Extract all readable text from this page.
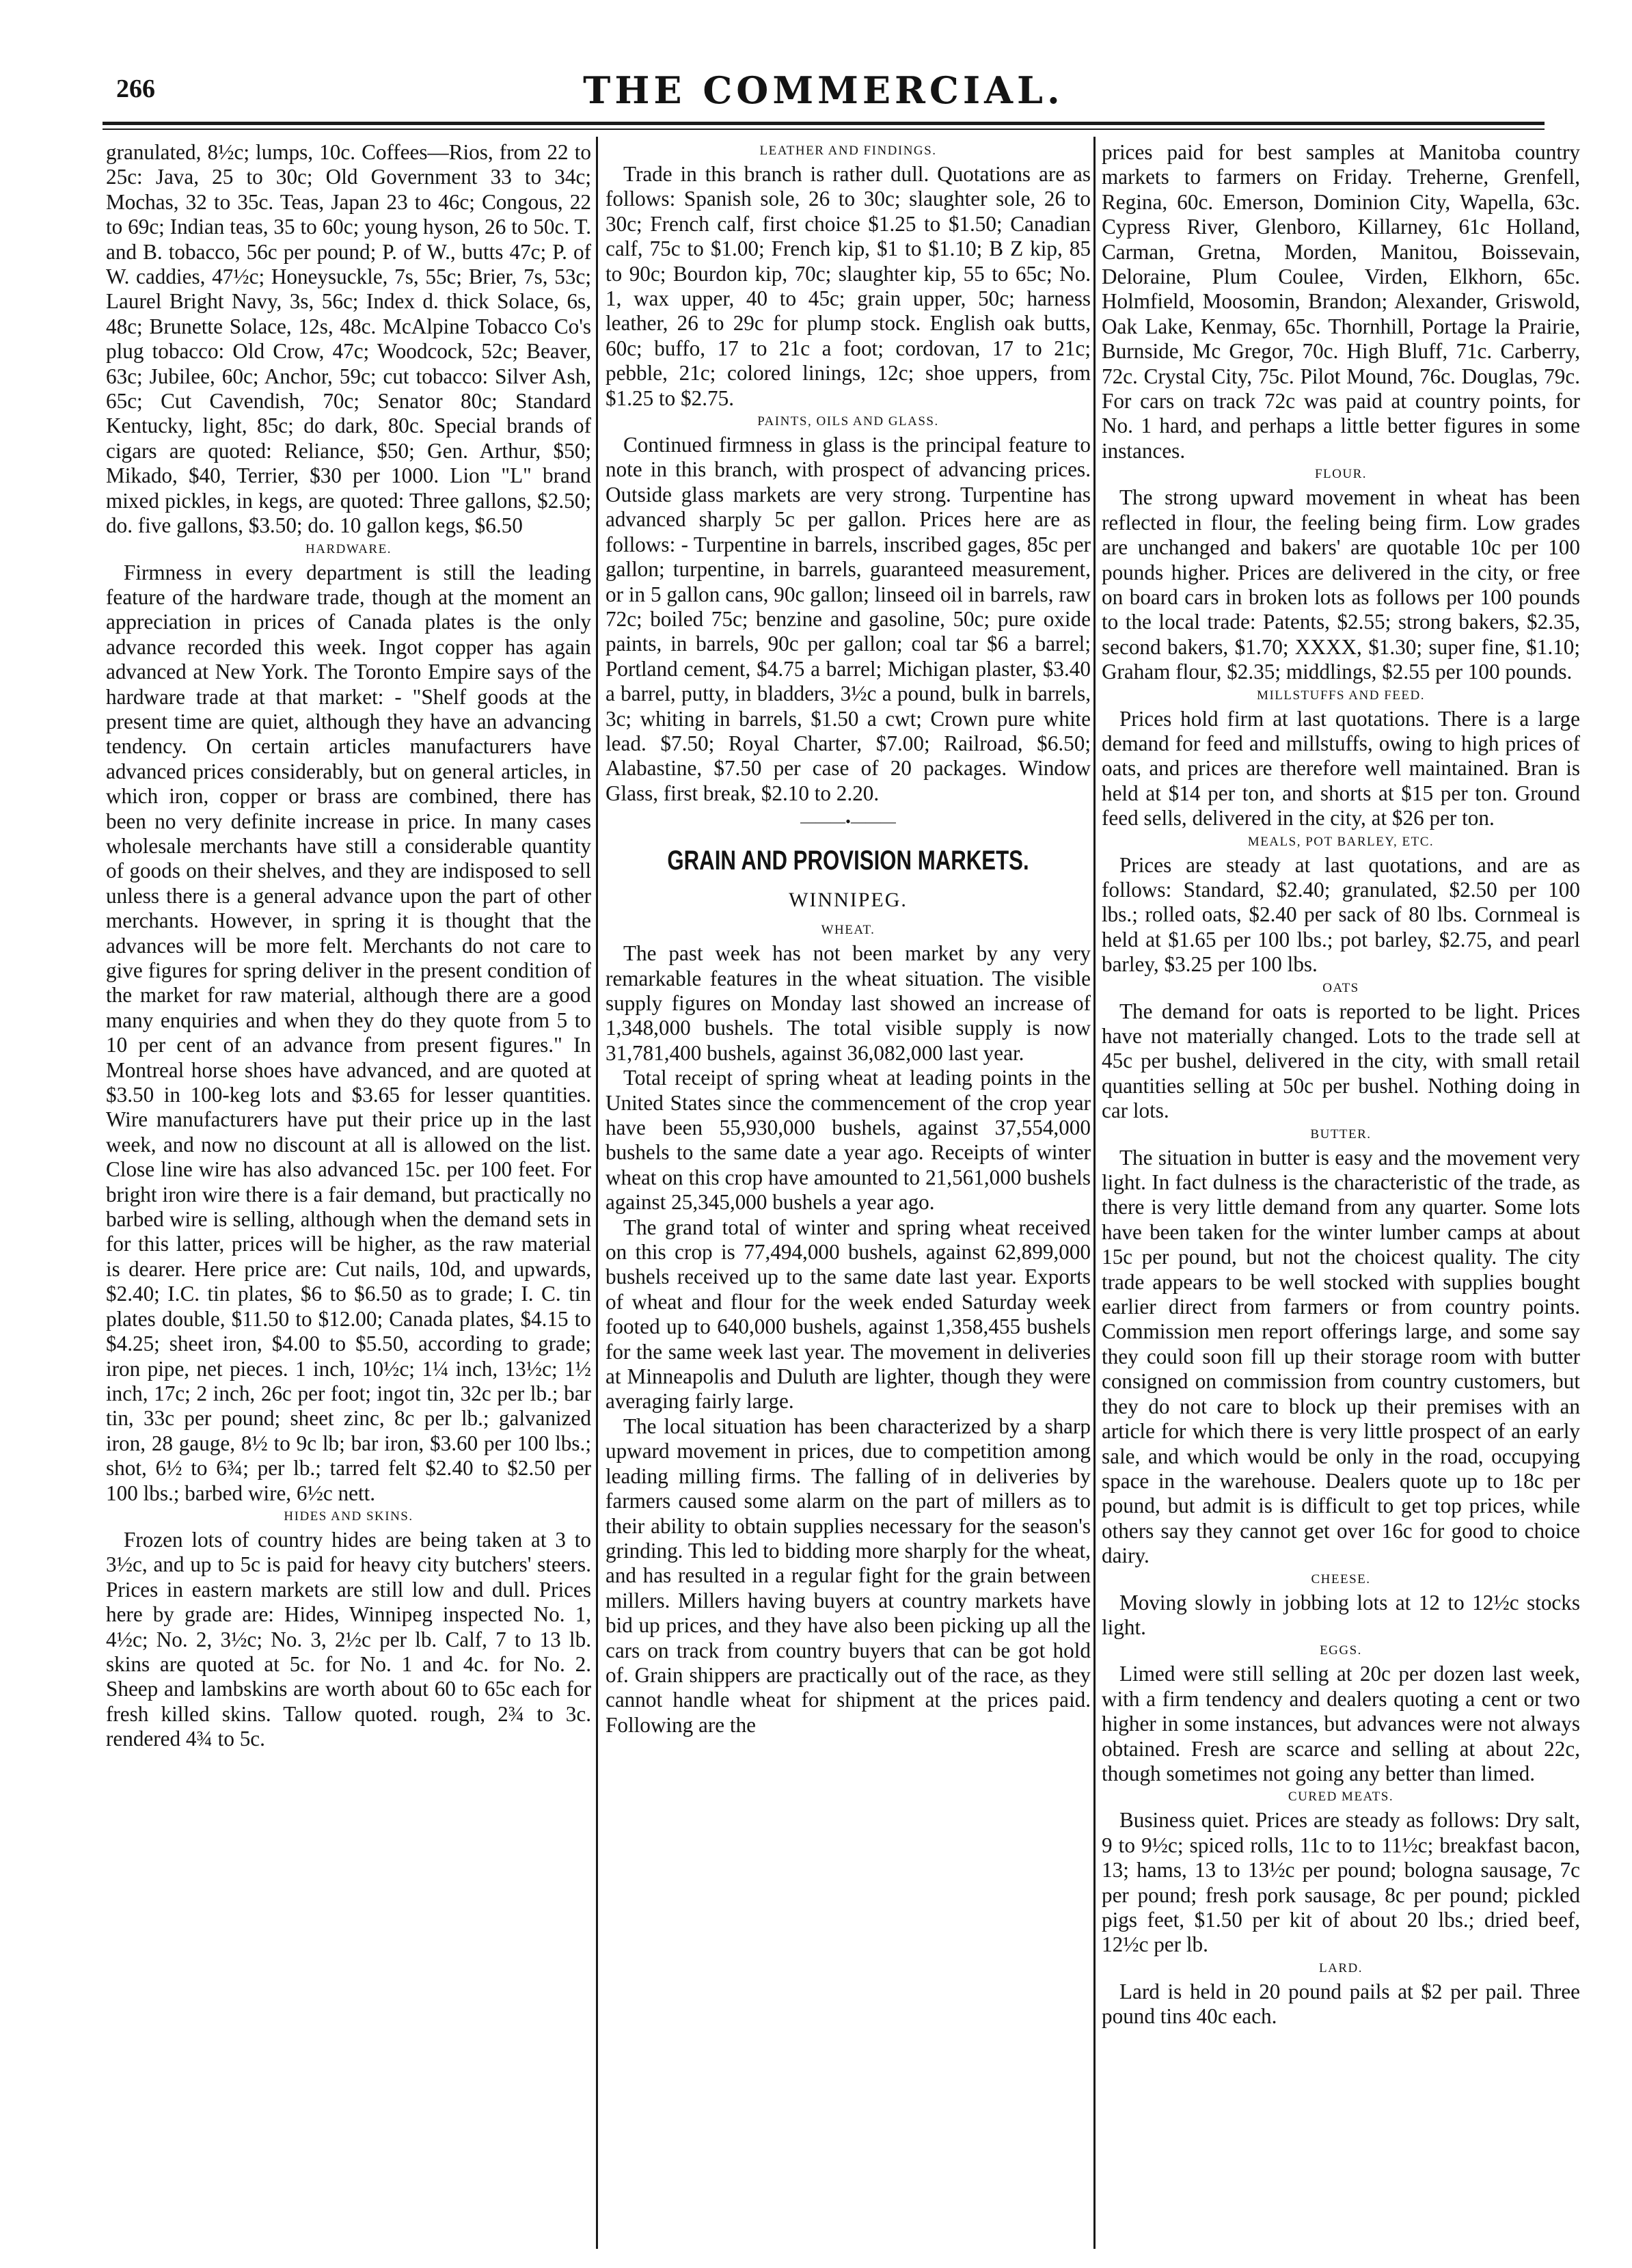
266	THE COMMERCIAL.

granulated, 8½c; lumps, 10c. Coffees—Rios, from 22 to 25c: Java, 25 to 30c; Old Government 33 to 34c; Mochas, 32 to 35c. Teas, Japan 23 to 46c; Congous, 22 to 69c; Indian teas, 35 to 60c; young hyson, 26 to 50c. T. and B. tobacco, 56c per pound; P. of W., butts 47c; P. of W. caddies, 47½c; Honeysuckle, 7s, 55c; Brier, 7s, 53c; Laurel Bright Navy, 3s, 56c; Index d. thick Solace, 6s, 48c; Brunette Solace, 12s, 48c. McAlpine Tobacco Co's plug tobacco: Old Crow, 47c; Woodcock, 52c; Beaver, 63c; Jubilee, 60c; Anchor, 59c; cut tobacco: Silver Ash, 65c; Cut Cavendish, 70c; Senator 80c; Standard Kentucky, light, 85c; do dark, 80c. Special brands of cigars are quoted: Reliance, $50; Gen. Arthur, $50; Mikado, $40, Terrier, $30 per 1000. Lion "L" brand mixed pickles, in kegs, are quoted: Three gallons, $2.50; do. five gallons, $3.50; do. 10 gallon kegs, $6.50

HARDWARE.

Firmness in every department is still the leading feature of the hardware trade, though at the moment an appreciation in prices of Canada plates is the only advance recorded this week. Ingot copper has again advanced at New York. The Toronto Empire says of the hardware trade at that market: - "Shelf goods at the present time are quiet, although they have an advancing tendency. On certain articles manufacturers have advanced prices considerably, but on general articles, in which iron, copper or brass are combined, there has been no very definite increase in price. In many cases wholesale merchants have still a considerable quantity of goods on their shelves, and they are indisposed to sell unless there is a general advance upon the part of other merchants. However, in spring it is thought that the advances will be more felt. Merchants do not care to give figures for spring deliver in the present condition of the market for raw material, although there are a good many enquiries and when they do they quote from 5 to 10 per cent of an advance from present figures." In Montreal horse shoes have advanced, and are quoted at $3.50 in 100-keg lots and $3.65 for lesser quantities. Wire manufacturers have put their price up in the last week, and now no discount at all is allowed on the list. Close line wire has also advanced 15c. per 100 feet. For bright iron wire there is a fair demand, but practically no barbed wire is selling, although when the demand sets in for this latter, prices will be higher, as the raw material is dearer. Here price are: Cut nails, 10d, and upwards, $2.40; I.C. tin plates, $6 to $6.50 as to grade; I. C. tin plates double, $11.50 to $12.00; Canada plates, $4.15 to $4.25; sheet iron, $4.00 to $5.50, according to grade; iron pipe, net pieces. 1 inch, 10½c; 1¼ inch, 13½c; 1½ inch, 17c; 2 inch, 26c per foot; ingot tin, 32c per lb.; bar tin, 33c per pound; sheet zinc, 8c per lb.; galvanized iron, 28 gauge, 8½ to 9c lb; bar iron, $3.60 per 100 lbs.; shot, 6½ to 6¾; per lb.; tarred felt $2.40 to $2.50 per 100 lbs.; barbed wire, 6½c nett.

HIDES AND SKINS.

Frozen lots of country hides are being taken at 3 to 3½c, and up to 5c is paid for heavy city butchers' steers. Prices in eastern markets are still low and dull. Prices here by grade are: Hides, Winnipeg inspected No. 1, 4½c; No. 2, 3½c; No. 3, 2½c per lb. Calf, 7 to 13 lb. skins are quoted at 5c. for No. 1 and 4c. for No. 2. Sheep and lambskins are worth about 60 to 65c each for fresh killed skins. Tallow quoted. rough, 2¾ to 3c. rendered 4¾ to 5c.

LEATHER AND FINDINGS.

Trade in this branch is rather dull. Quotations are as follows: Spanish sole, 26 to 30c; slaughter sole, 26 to 30c; French calf, first choice $1.25 to $1.50; Canadian calf, 75c to $1.00; French kip, $1 to $1.10; B Z kip, 85 to 90c; Bourdon kip, 70c; slaughter kip, 55 to 65c; No. 1, wax upper, 40 to 45c; grain upper, 50c; harness leather, 26 to 29c for plump stock. English oak butts, 60c; buffo, 17 to 21c a foot; cordovan, 17 to 21c; pebble, 21c; colored linings, 12c; shoe uppers, from $1.25 to $2.75.

PAINTS, OILS AND GLASS.

Continued firmness in glass is the principal feature to note in this branch, with prospect of advancing prices. Outside glass markets are very strong. Turpentine has advanced sharply 5c per gallon. Prices here are as follows: - Turpentine in barrels, inscribed gages, 85c per gallon; turpentine, in barrels, guaranteed measurement, or in 5 gallon cans, 90c gallon; linseed oil in barrels, raw 72c; boiled 75c; benzine and gasoline, 50c; pure oxide paints, in barrels, 90c per gallon; coal tar $6 a barrel; Portland cement, $4.75 a barrel; Michigan plaster, $3.40 a barrel, putty, in bladders, 3½c a pound, bulk in barrels, 3c; whiting in barrels, $1.50 a cwt; Crown pure white lead. $7.50; Royal Charter, $7.00; Railroad, $6.50; Alabastine, $7.50 per case of 20 packages. Window Glass, first break, $2.10 to 2.20.

———•———
GRAIN AND PROVISION MARKETS.
WINNIPEG.
WHEAT.

The past week has not been market by any very remarkable features in the wheat situation. The visible supply figures on Monday last showed an increase of 1,348,000 bushels. The total visible supply is now 31,781,400 bushels, against 36,082,000 last year.

Total receipt of spring wheat at leading points in the United States since the commencement of the crop year have been 55,930,000 bushels, against 37,554,000 bushels to the same date a year ago. Receipts of winter wheat on this crop have amounted to 21,561,000 bushels against 25,345,000 bushels a year ago.

The grand total of winter and spring wheat received on this crop is 77,494,000 bushels, against 62,899,000 bushels received up to the same date last year. Exports of wheat and flour for the week ended Saturday week footed up to 640,000 bushels, against 1,358,455 bushels for the same week last year. The movement in deliveries at Minneapolis and Duluth are lighter, though they were averaging fairly large.

The local situation has been characterized by a sharp upward movement in prices, due to competition among leading milling firms. The falling of in deliveries by farmers caused some alarm on the part of millers as to their ability to obtain supplies necessary for the season's grinding. This led to bidding more sharply for the wheat, and has resulted in a regular fight for the grain between millers. Millers having buyers at country markets have bid up prices, and they have also been picking up all the cars on track from country buyers that can be got hold of. Grain shippers are practically out of the race, as they cannot handle wheat for shipment at the prices paid. Following are the

prices paid for best samples at Manitoba country markets to farmers on Friday. Treherne, Grenfell, Regina, 60c. Emerson, Dominion City, Wapella, 63c. Cypress River, Glenboro, Killarney, 61c Holland, Carman, Gretna, Morden, Manitou, Boissevain, Deloraine, Plum Coulee, Virden, Elkhorn, 65c. Holmfield, Moosomin, Brandon; Alexander, Griswold, Oak Lake, Kenmay, 65c. Thornhill, Portage la Prairie, Burnside, Mc Gregor, 70c. High Bluff, 71c. Carberry, 72c. Crystal City, 75c. Pilot Mound, 76c. Douglas, 79c. For cars on track 72c was paid at country points, for No. 1 hard, and perhaps a little better figures in some instances.

FLOUR.

The strong upward movement in wheat has been reflected in flour, the feeling being firm. Low grades are unchanged and bakers' are quotable 10c per 100 pounds higher. Prices are delivered in the city, or free on board cars in broken lots as follows per 100 pounds to the local trade: Patents, $2.55; strong bakers, $2.35, second bakers, $1.70; XXXX, $1.30; super fine, $1.10; Graham flour, $2.35; middlings, $2.55 per 100 pounds.

MILLSTUFFS AND FEED.

Prices hold firm at last quotations. There is a large demand for feed and millstuffs, owing to high prices of oats, and prices are therefore well maintained. Bran is held at $14 per ton, and shorts at $15 per ton. Ground feed sells, delivered in the city, at $26 per ton.

MEALS, POT BARLEY, ETC.

Prices are steady at last quotations, and are as follows: Standard, $2.40; granulated, $2.50 per 100 lbs.; rolled oats, $2.40 per sack of 80 lbs. Cornmeal is held at $1.65 per 100 lbs.; pot barley, $2.75, and pearl barley, $3.25 per 100 lbs.

OATS

The demand for oats is reported to be light. Prices have not materially changed. Lots to the trade sell at 45c per bushel, delivered in the city, with small retail quantities selling at 50c per bushel. Nothing doing in car lots.

BUTTER.

The situation in butter is easy and the movement very light. In fact dulness is the characteristic of the trade, as there is very little demand from any quarter. Some lots have been taken for the winter lumber camps at about 15c per pound, but not the choicest quality. The city trade appears to be well stocked with supplies bought earlier direct from farmers or from country points. Commission men report offerings large, and some say they could soon fill up their storage room with butter consigned on commission from country customers, but they do not care to block up their premises with an article for which there is very little prospect of an early sale, and which would be only in the road, occupying space in the warehouse. Dealers quote up to 18c per pound, but admit is is difficult to get top prices, while others say they cannot get over 16c for good to choice dairy.

CHEESE.

Moving slowly in jobbing lots at 12 to 12½c stocks light.

EGGS.

Limed were still selling at 20c per dozen last week, with a firm tendency and dealers quoting a cent or two higher in some instances, but advances were not always obtained. Fresh are scarce and selling at about 22c, though sometimes not going any better than limed.

CURED MEATS.

Business quiet. Prices are steady as follows: Dry salt, 9 to 9½c; spiced rolls, 11c to to 11½c; breakfast bacon, 13; hams, 13 to 13½c per pound; bologna sausage, 7c per pound; fresh pork sausage, 8c per pound; pickled pigs feet, $1.50 per kit of about 20 lbs.; dried beef, 12½c per lb.

LARD.

Lard is held in 20 pound pails at $2 per pail. Three pound tins 40c each.
